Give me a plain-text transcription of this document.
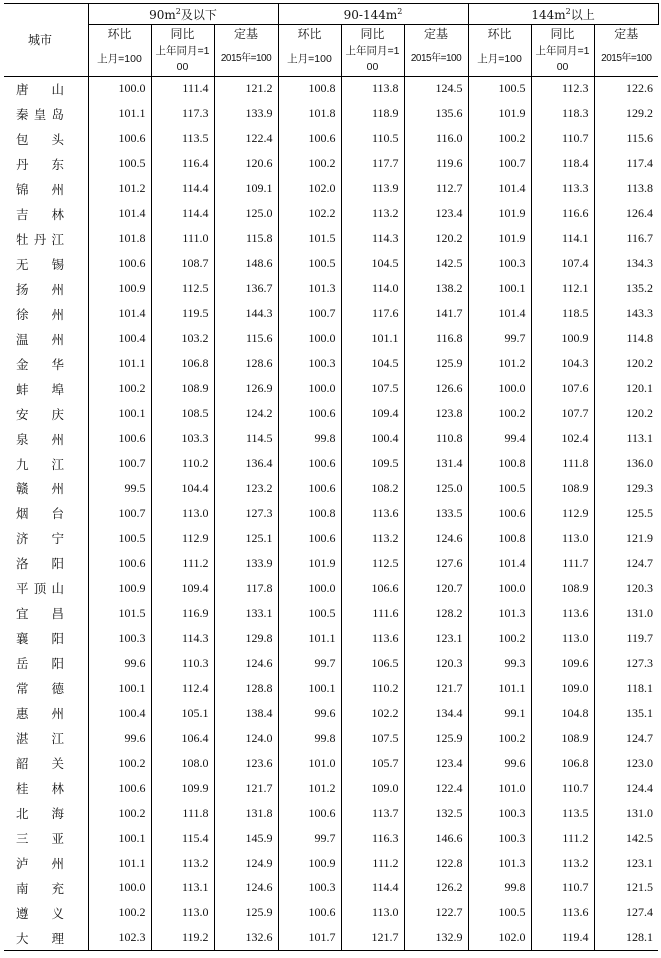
城市	$90m^2$及以下			$90-144m^2$			$144m^2$以上		
	环比	同比	定基	环比	同比	定基	环比	同比	定基
	上月=100	上年同月=100	2015年=100	上月=100	上年同月=100	2015年=100	上月=100	上年同月=100	2015年=100

唐 山	100.0	111.4	121.2	100.8	113.8	124.5	100.5	112.3	122.6

秦 皇 岛	101.1	117.3	133.9	101.8	118.9	135.6	101.9	118.3	129.2

包 头	100.6	113.5	122.4	100.6	110.5	116.0	100.2	110.7	115.6

丹 东	100.5	116.4	120.6	100.2	117.7	119.6	100.7	118.4	117.4

锦 州	101.2	114.4	109.1	102.0	113.9	112.7	101.4	113.3	113.8

吉 林	101.4	114.4	125.0	102.2	113.2	123.4	101.9	116.6	126.4

牡 丹 江	101.8	111.0	115.8	101.5	114.3	120.2	101.9	114.1	116.7

无 锡	100.6	108.7	148.6	100.5	104.5	142.5	100.3	107.4	134.3

扬 州	100.9	112.5	136.7	101.3	114.0	138.2	100.1	112.1	135.2

徐 州	101.4	119.5	144.3	100.7	117.6	141.7	101.4	118.5	143.3

温 州	100.4	103.2	115.6	100.0	101.1	116.8	99.7	100.9	114.8

金 华	101.1	106.8	128.6	100.3	104.5	125.9	101.2	104.3	120.2

蚌 埠	100.2	108.9	126.9	100.0	107.5	126.6	100.0	107.6	120.1

安 庆	100.1	108.5	124.2	100.6	109.4	123.8	100.2	107.7	120.2

泉 州	100.6	103.3	114.5	99.8	100.4	110.8	99.4	102.4	113.1

九 江	100.7	110.2	136.4	100.6	109.5	131.4	100.8	111.8	136.0

赣 州	99.5	104.4	123.2	100.6	108.2	125.0	100.5	108.9	129.3

烟 台	100.7	113.0	127.3	100.8	113.6	133.5	100.6	112.9	125.5

济 宁	100.5	112.9	125.1	100.6	113.2	124.6	100.8	113.0	121.9

洛 阳	100.6	111.2	133.9	101.9	112.5	127.6	101.4	111.7	124.7

平 顶 山	100.9	109.4	117.8	100.0	106.6	120.7	100.0	108.9	120.3

宜 昌	101.5	116.9	133.1	100.5	111.6	128.2	101.3	113.6	131.0

襄 阳	100.3	114.3	129.8	101.1	113.6	123.1	100.2	113.0	119.7

岳 阳	99.6	110.3	124.6	99.7	106.5	120.3	99.3	109.6	127.3

常 德	100.1	112.4	128.8	100.1	110.2	121.7	101.1	109.0	118.1

惠 州	100.4	105.1	138.4	99.6	102.2	134.4	99.1	104.8	135.1

湛 江	99.6	106.4	124.0	99.8	107.5	125.9	100.2	108.9	124.7

韶 关	100.2	108.0	123.6	101.0	105.7	123.4	99.6	106.8	123.0

桂 林	100.6	109.9	121.7	101.2	109.0	122.4	101.0	110.7	124.4

北 海	100.2	111.8	131.8	100.6	113.7	132.5	100.3	113.5	131.0

三 亚	100.1	115.4	145.9	99.7	116.3	146.6	100.3	111.2	142.5

泸 州	101.1	113.2	124.9	100.9	111.2	122.8	101.3	113.2	123.1

南 充	100.0	113.1	124.6	100.3	114.4	126.2	99.8	110.7	121.5

遵 义	100.2	113.0	125.9	100.6	113.0	122.7	100.5	113.6	127.4

大 理	102.3	119.2	132.6	101.7	121.7	132.9	102.0	119.4	128.1
